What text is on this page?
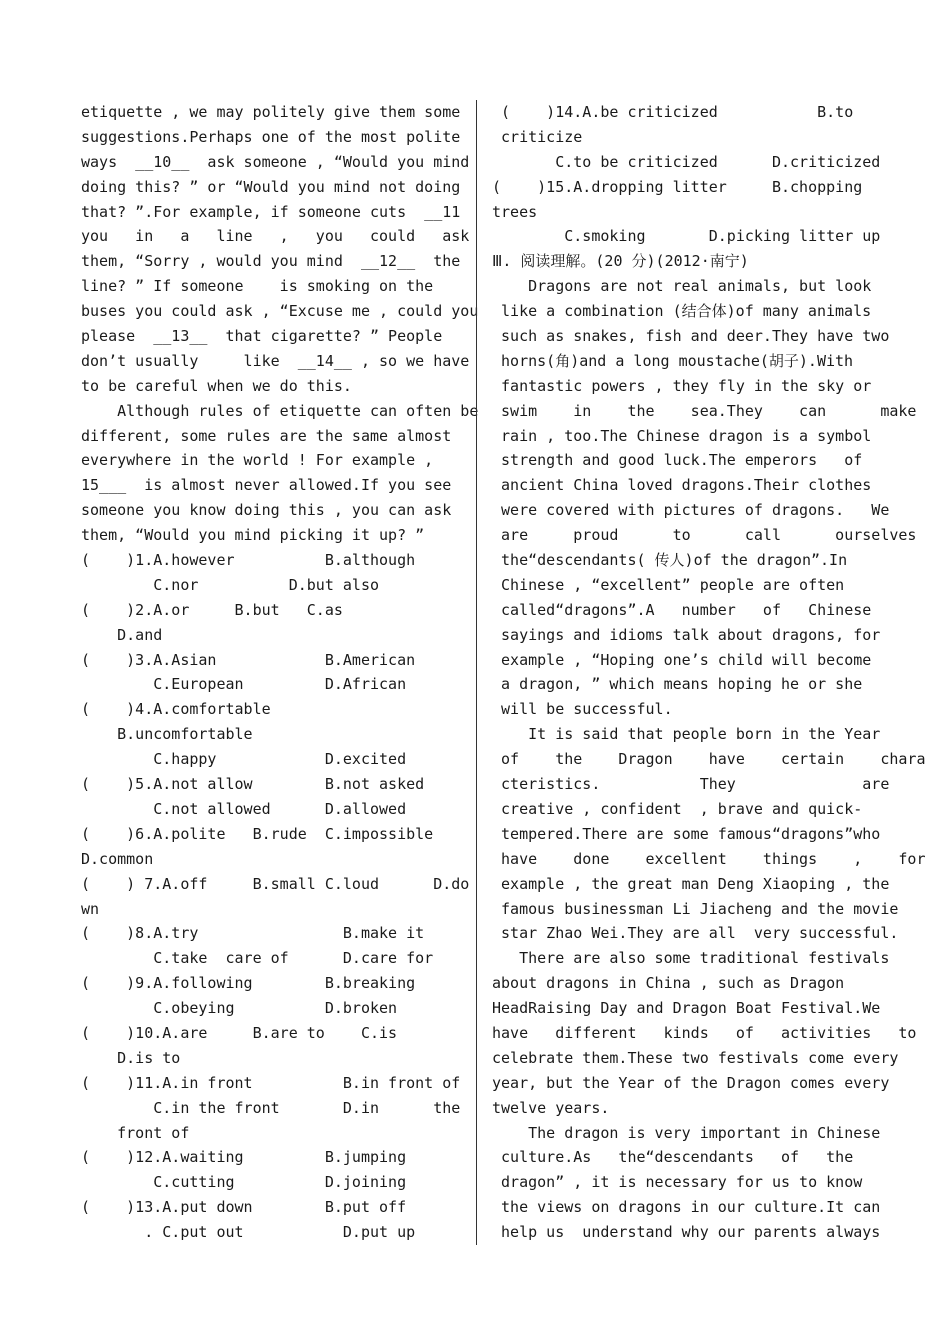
etiquette , we may politely give them some
suggestions.Perhaps one of the most polite
ways  __10__  ask someone , “Would you mind
doing this? ” or “Would you mind not doing
that? ”.For example, if someone cuts  __11
you   in   a   line   ,   you   could   ask
them, “Sorry , would you mind  __12__  the
line? ” If someone    is smoking on the
buses you could ask , “Excuse me , could you
please  __13__  that cigarette? ” People
don’t usually     like  __14__ , so we have
to be careful when we do this.
Although rules of etiquette can often be
different, some rules are the same almost
everywhere in the world ! For example ,
15___  is almost never allowed.If you see
someone you know doing this , you can ask
them, “Would you mind picking it up? ”
(    )1.A.however          B.although
C.nor          D.but also
(    )2.A.or     B.but   C.as
D.and
(    )3.A.Asian            B.American
C.European         D.African
(    )4.A.comfortable
B.uncomfortable
C.happy            D.excited
(    )5.A.not allow        B.not asked
C.not allowed      D.allowed
(    )6.A.polite   B.rude  C.impossible
D.common
(    ) 7.A.off     B.small C.loud      D.do
wn
(    )8.A.try                B.make it
C.take  care of      D.care for
(    )9.A.following        B.breaking
C.obeying          D.broken
(    )10.A.are     B.are to    C.is
D.is to
(    )11.A.in front          B.in front of
C.in the front       D.in      the
front of
(    )12.A.waiting         B.jumping
C.cutting          D.joining
(    )13.A.put down        B.put off
. C.put out           D.put up
(    )14.A.be criticized           B.to
criticize
C.to be criticized      D.criticized
(    )15.A.dropping litter     B.chopping
trees
C.smoking       D.picking litter up
Ⅲ. 阅读理解。(20 分)(2012·南宁)
Dragons are not real animals, but look
like a combination (结合体)of many animals
such as snakes, fish and deer.They have two
horns(角)and a long moustache(胡子).With
fantastic powers , they fly in the sky or
swim    in    the    sea.They    can      make
rain , too.The Chinese dragon is a symbol
strength and good luck.The emperors   of
ancient China loved dragons.Their clothes
were covered with pictures of dragons.   We
are     proud      to      call      ourselves
the“descendants( 传人)of the dragon”.In
Chinese , “excellent” people are often
called“dragons”.A   number   of   Chinese
sayings and idioms talk about dragons, for
example , “Hoping one’s child will become
a dragon, ” which means hoping he or she
will be successful.
It is said that people born in the Year
of    the    Dragon    have    certain    chara
cteristics.           They              are
creative , confident  , brave and quick-
tempered.There are some famous“dragons”who
have    done    excellent    things    ,    for
example , the great man Deng Xiaoping , the
famous businessman Li Jiacheng and the movie
star Zhao Wei.They are all  very successful.
There are also some traditional festivals
about dragons in China , such as Dragon
HeadRaising Day and Dragon Boat Festival.We
have   different   kinds   of   activities   to
celebrate them.These two festivals come every
year, but the Year of the Dragon comes every
twelve years.
The dragon is very important in Chinese
culture.As   the“descendants   of   the
dragon” , it is necessary for us to know
the views on dragons in our culture.It can
help us  understand why our parents always
